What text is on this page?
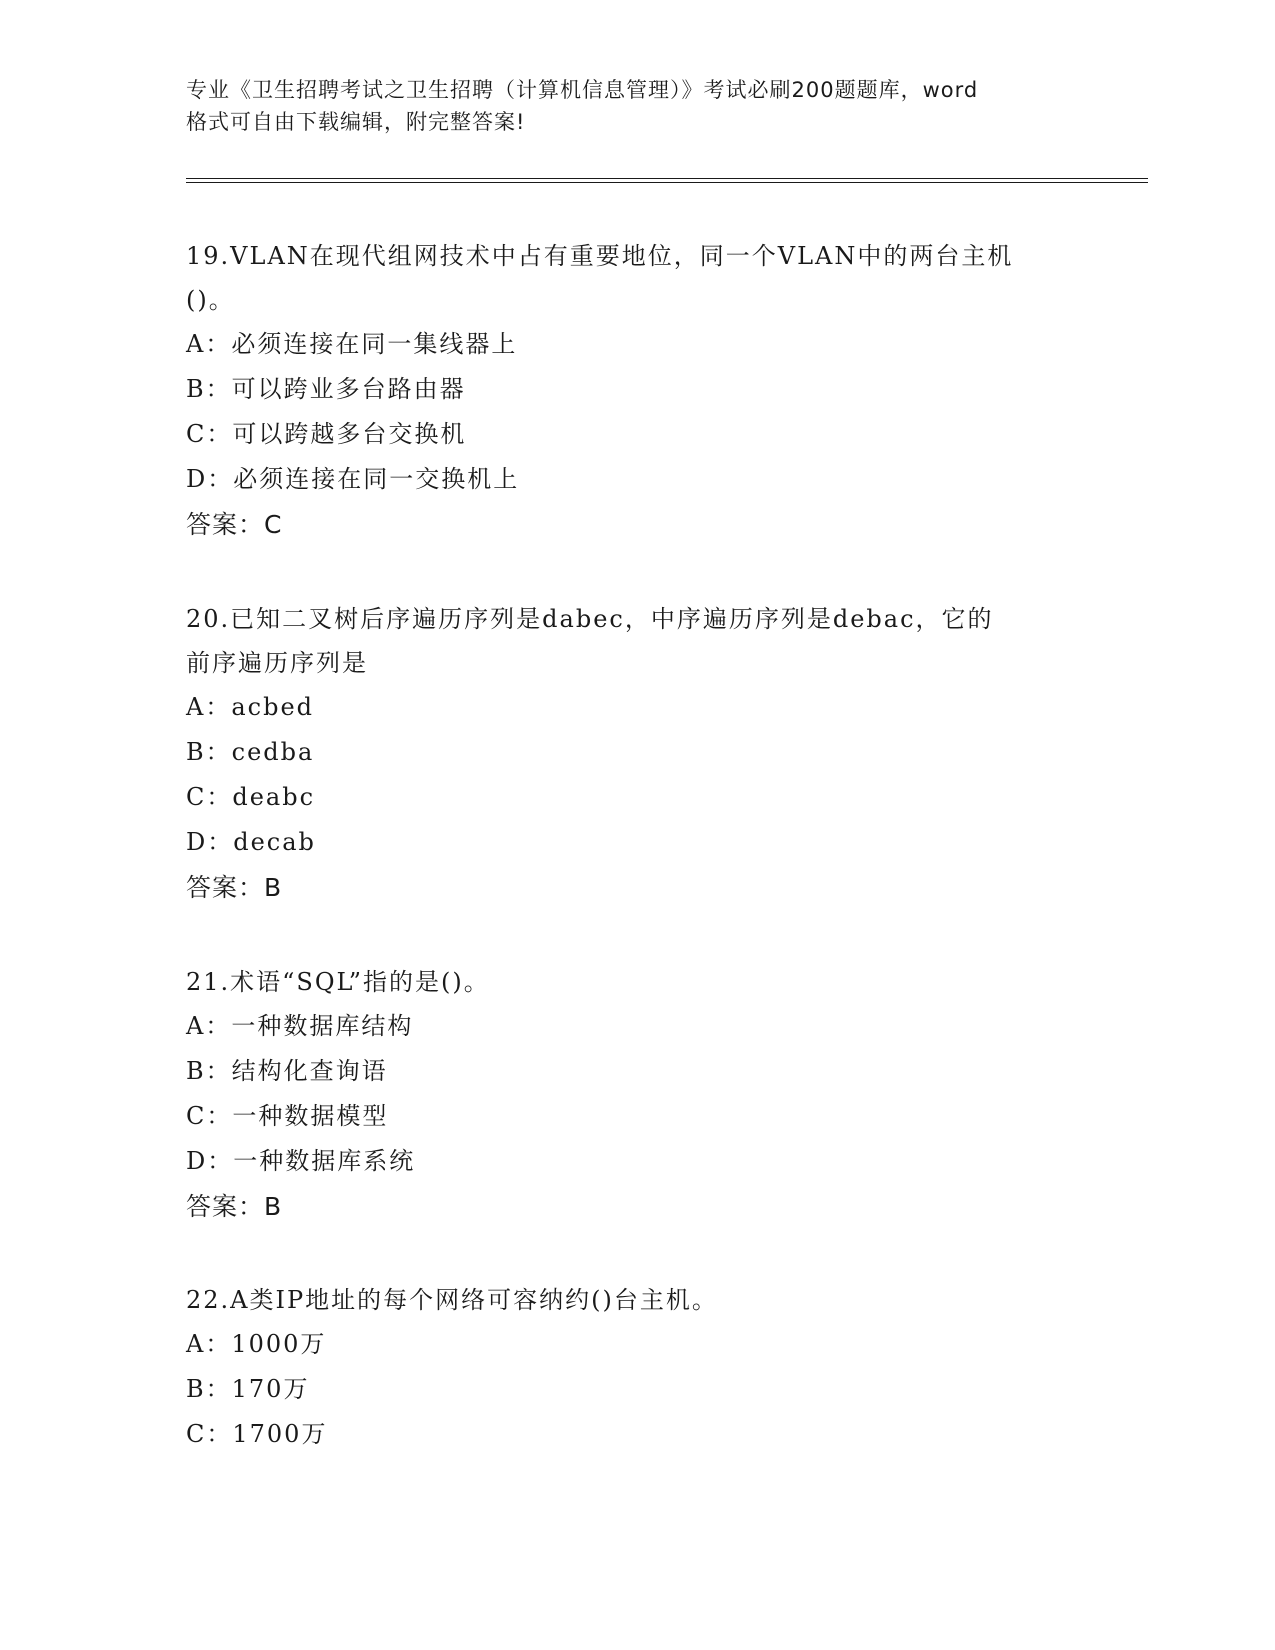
专业《卫生招聘考试之卫生招聘（计算机信息管理）》考试必刷200题题库，word
格式可自由下载编辑，附完整答案!
19.VLAN在现代组网技术中占有重要地位，同一个VLAN中的两台主机
()。
A：必须连接在同一集线器上
B：可以跨业多台路由器
C：可以跨越多台交换机
D：必须连接在同一交换机上
答案：C
20.已知二叉树后序遍历序列是dabec，中序遍历序列是debac，它的
前序遍历序列是
A：acbed
B：cedba
C：deabc
D：decab
答案：B
21.术语“SQL”指的是()。
A：一种数据库结构
B：结构化查询语
C：一种数据模型
D：一种数据库系统
答案：B
22.A类IP地址的每个网络可容纳约()台主机。
A：1000万
B：170万
C：1700万
